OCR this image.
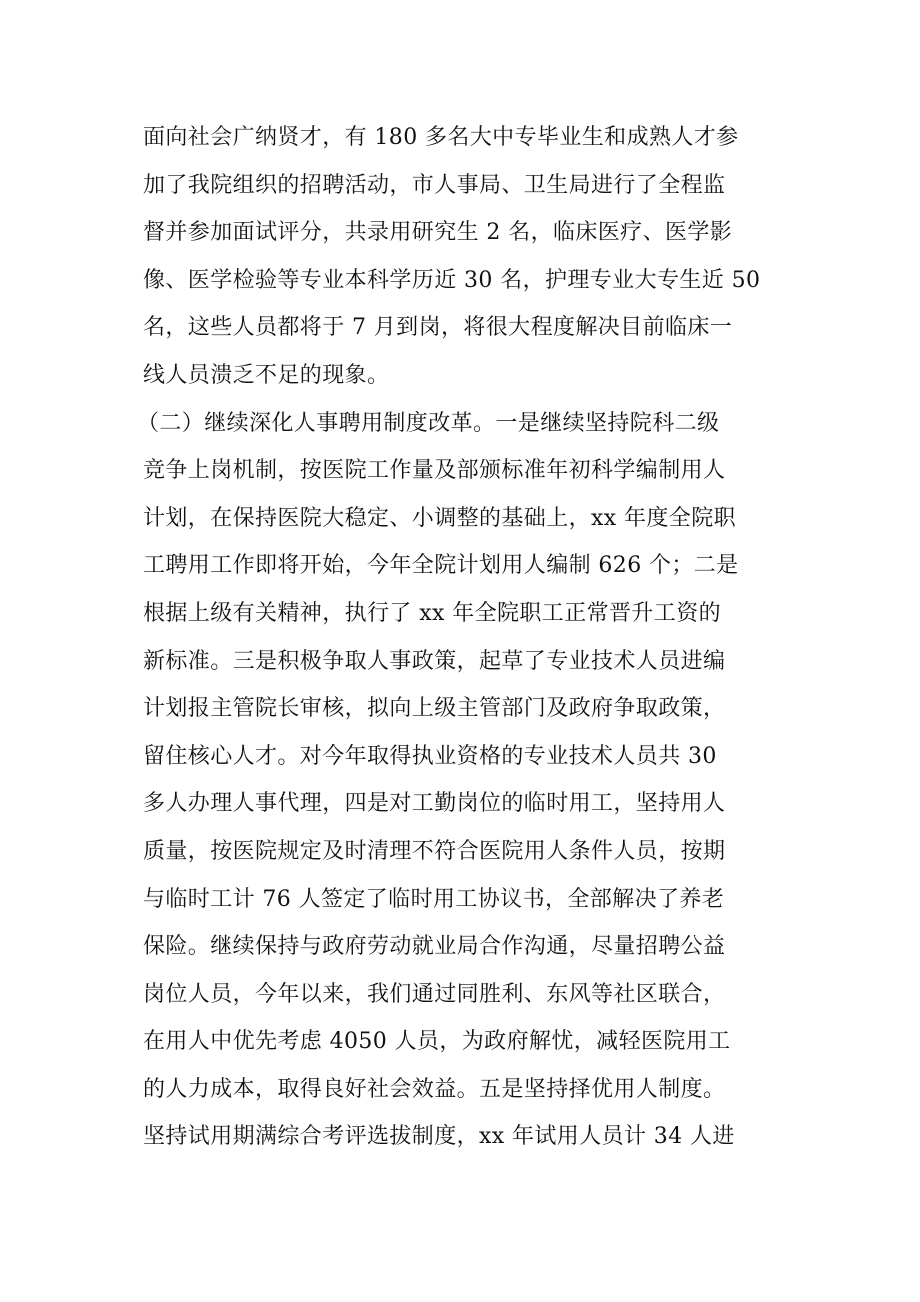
面向社会广纳贤才，有 180 多名大中专毕业生和成熟人才参
加了我院组织的招聘活动，市人事局、卫生局进行了全程监
督并参加面试评分，共录用研究生 2 名，临床医疗、医学影
像、医学检验等专业本科学历近 30 名，护理专业大专生近 50
名，这些人员都将于 7 月到岗，将很大程度解决目前临床一
线人员溃乏不足的现象。
（二）继续深化人事聘用制度改革。一是继续坚持院科二级
竞争上岗机制，按医院工作量及部颁标准年初科学编制用人
计划，在保持医院大稳定、小调整的基础上，xx 年度全院职
工聘用工作即将开始，今年全院计划用人编制 626 个；二是
根据上级有关精神，执行了 xx 年全院职工正常晋升工资的
新标准。三是积极争取人事政策，起草了专业技术人员进编
计划报主管院长审核，拟向上级主管部门及政府争取政策，
留住核心人才。对今年取得执业资格的专业技术人员共 30
多人办理人事代理，四是对工勤岗位的临时用工，坚持用人
质量，按医院规定及时清理不符合医院用人条件人员，按期
与临时工计 76 人签定了临时用工协议书，全部解决了养老
保险。继续保持与政府劳动就业局合作沟通，尽量招聘公益
岗位人员，今年以来，我们通过同胜利、东风等社区联合，
在用人中优先考虑 4050 人员，为政府解忧，减轻医院用工
的人力成本，取得良好社会效益。五是坚持择优用人制度。
坚持试用期满综合考评选拔制度，xx 年试用人员计 34 人进
